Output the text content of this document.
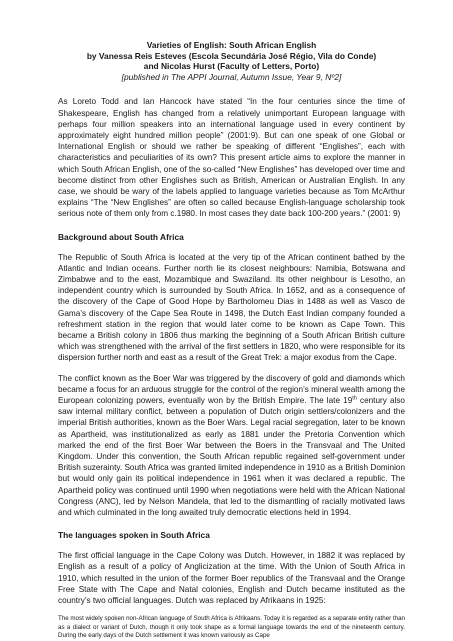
Varieties of English: South African English
by Vanessa Reis Esteves (Escola Secundária José Régio, Vila do Conde)
and Nicolas Hurst (Faculty of Letters, Porto)
[published in The APPI Journal, Autumn Issue, Year 9, Nº2]

As Loreto Todd and Ian Hancock have stated “In the four centuries since the time of Shakespeare, English has changed from a relatively unimportant European language with perhaps four million speakers into an international language used in every continent by approximately eight hundred million people” (2001:9). But can one speak of one Global or International English or should we rather be speaking of different “Englishes”, each with characteristics and peculiarities of its own? This present article aims to explore the manner in which South African English, one of the so-called “New Englishes” has developed over time and become distinct from other Englishes such as British, American or Australian English. In any case, we should be wary of the labels applied to language varieties because as Tom McArthur explains “The “New Englishes” are often so called because English-language scholarship took serious note of them only from c.1980. In most cases they date back 100-200 years.” (2001: 9)

Background about South Africa

The Republic of South Africa is located at the very tip of the African continent bathed by the Atlantic and Indian oceans. Further north lie its closest neighbours: Namibia, Botswana and Zimbabwe and to the east, Mozambique and Swaziland. Its other neighbour is Lesotho, an independent country which is surrounded by South Africa. In 1652, and as a consequence of the discovery of the Cape of Good Hope by Bartholomeu Dias in 1488 as well as Vasco de Gama’s discovery of the Cape Sea Route in 1498, the Dutch East Indian company founded a refreshment station in the region that would later come to be known as Cape Town. This became a British colony in 1806 thus marking the beginning of a South African British culture which was strengthened with the arrival of the first settlers in 1820, who were responsible for its dispersion further north and east as a result of the Great Trek: a major exodus from the Cape.

The conflict known as the Boer War was triggered by the discovery of gold and diamonds which became a focus for an arduous struggle for the control of the region’s mineral wealth among the European colonizing powers, eventually won by the British Empire. The late 19th century also saw internal military conflict, between a population of Dutch origin settlers/colonizers and the imperial British authorities, known as the Boer Wars. Legal racial segregation, later to be known as Apartheid, was institutionalized as early as 1881 under the Pretoria Convention which marked the end of the first Boer War between the Boers in the Transvaal and The United Kingdom. Under this convention, the South African republic regained self-government under British suzerainty. South Africa was granted limited independence in 1910 as a British Dominion but would only gain its political independence in 1961 when it was declared a republic. The Apartheid policy was continued until 1990 when negotiations were held with the African National Congress (ANC), led by Nelson Mandela, that led to the dismantling of racially motivated laws and which culminated in the long awaited truly democratic elections held in 1994.

The languages spoken in South Africa

The first official language in the Cape Colony was Dutch. However, in 1882 it was replaced by English as a result of a policy of Anglicization at the time. With the Union of South Africa in 1910, which resulted in the union of the former Boer republics of the Transvaal and the Orange Free State with The Cape and Natal colonies, English and Dutch became instituted as the country’s two official languages. Dutch was replaced by Afrikaans in 1925:

The most widely spoken non-African language of South Africa is Afrikaans. Today it is regarded as a separate entity rather than as a dialect or variant of Dutch, though it only took shape as a formal language towards the end of the nineteenth century. During the early days of the Dutch settlement it was known variously as Cape
